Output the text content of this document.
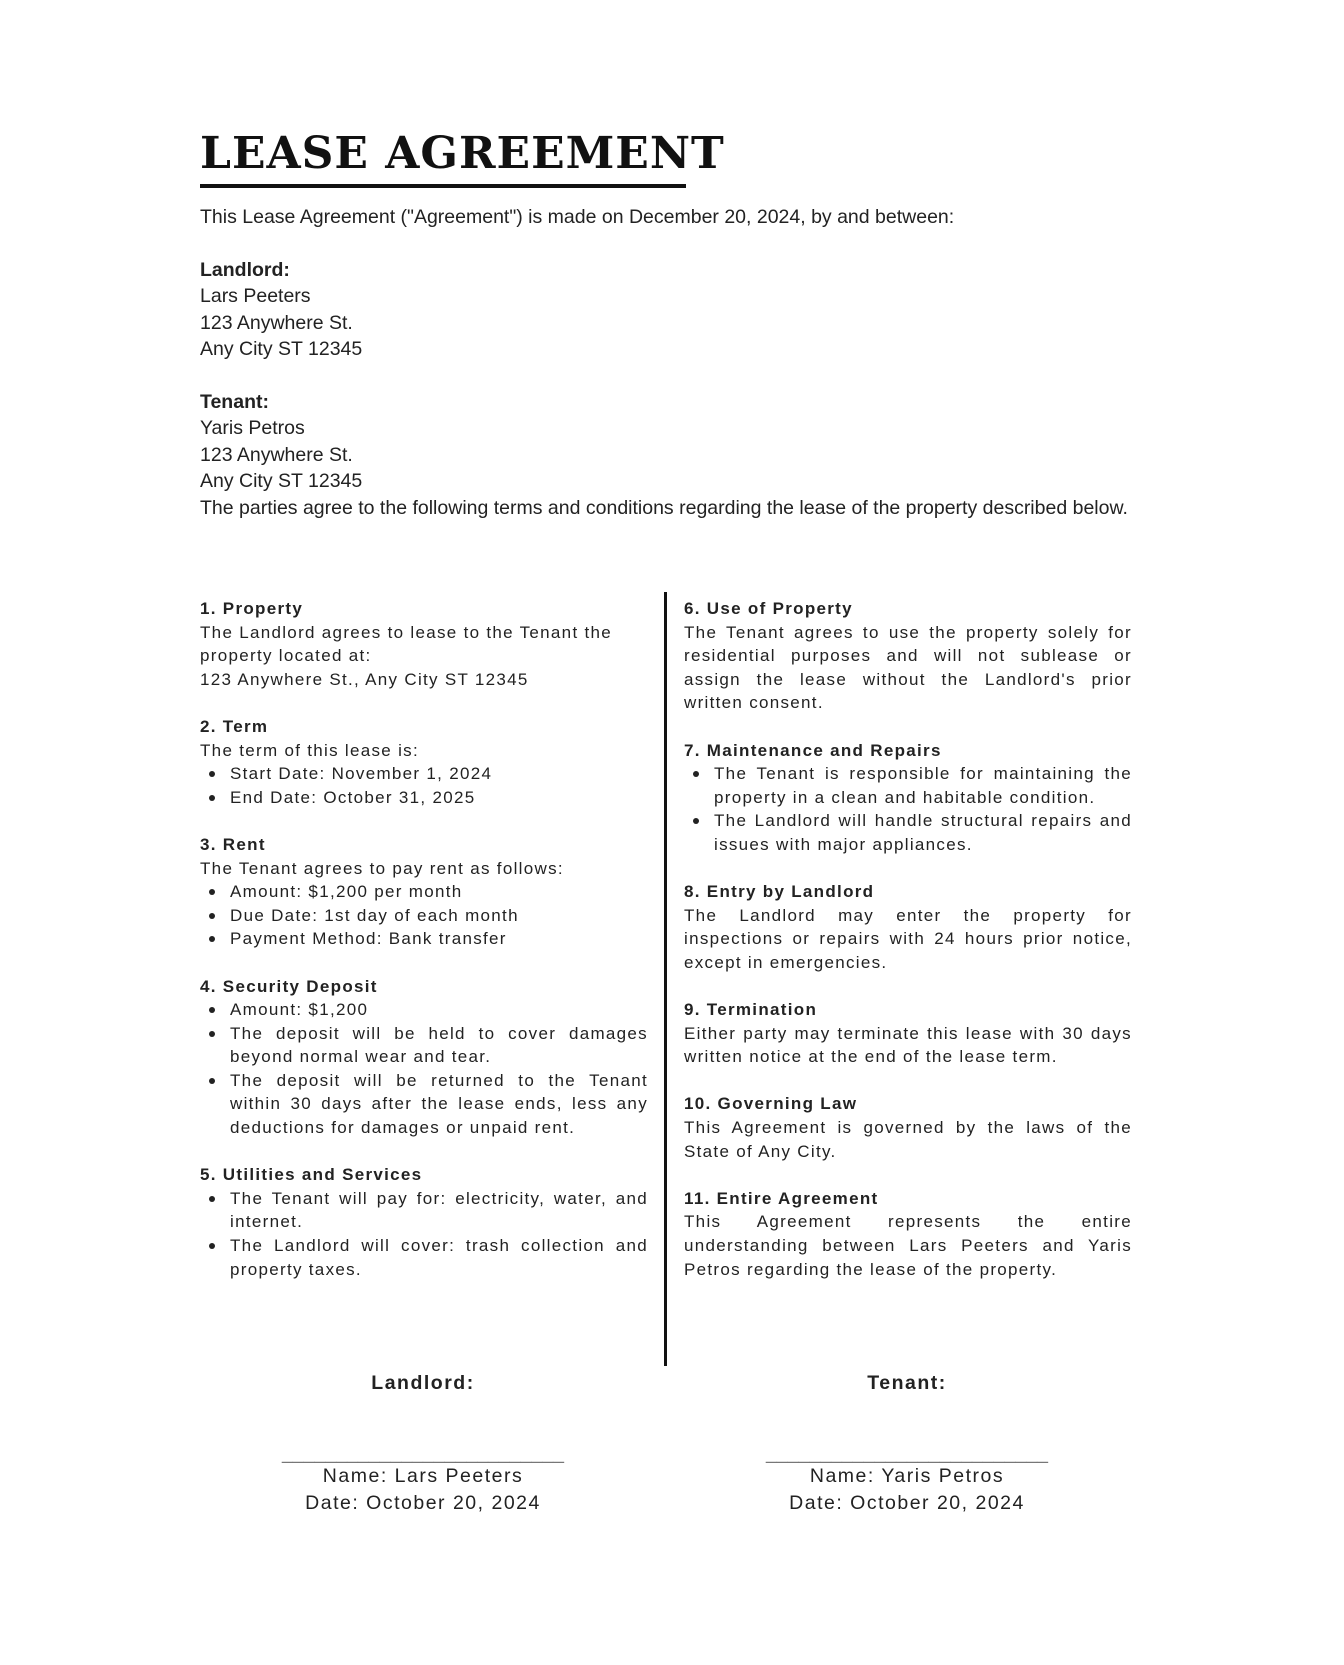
LEASE AGREEMENT

This Lease Agreement ("Agreement") is made on December 20, 2024, by and between:

Landlord:
Lars Peeters
123 Anywhere St.
Any City ST 12345
Tenant:
Yaris Petros
123 Anywhere St.
Any City ST 12345

The parties agree to the following terms and conditions regarding the lease of the property described below.

1. Property

The Landlord agrees to lease to the Tenant the property located at:
123 Anywhere St., Any City ST 12345

2. Term

The term of this lease is:

Start Date: November 1, 2024
End Date: October 31, 2025

3. Rent

The Tenant agrees to pay rent as follows:

Amount: $1,200 per month
Due Date: 1st day of each month
Payment Method: Bank transfer

4. Security Deposit

Amount: $1,200
The deposit will be held to cover damages beyond normal wear and tear.
The deposit will be returned to the Tenant within 30 days after the lease ends, less any deductions for damages or unpaid rent.

5. Utilities and Services

The Tenant will pay for: electricity, water, and internet.
The Landlord will cover: trash collection and property taxes.

6. Use of Property

The Tenant agrees to use the property solely for residential purposes and will not sublease or assign the lease without the Landlord's prior written consent.

7. Maintenance and Repairs

The Tenant is responsible for maintaining the property in a clean and habitable condition.
The Landlord will handle structural repairs and issues with major appliances.

8. Entry by Landlord

The Landlord may enter the property for inspections or repairs with 24 hours prior notice, except in emergencies.

9. Termination

Either party may terminate this lease with 30 days written notice at the end of the lease term.

10. Governing Law

This Agreement is governed by the laws of the State of Any City.

11. Entire Agreement

This Agreement represents the entire understanding between Lars Peeters and Yaris Petros regarding the lease of the property.

Landlord:

__________________________

Name: Lars Peeters

Date: October 20, 2024

Tenant:

__________________________

Name: Yaris Petros

Date: October 20, 2024
